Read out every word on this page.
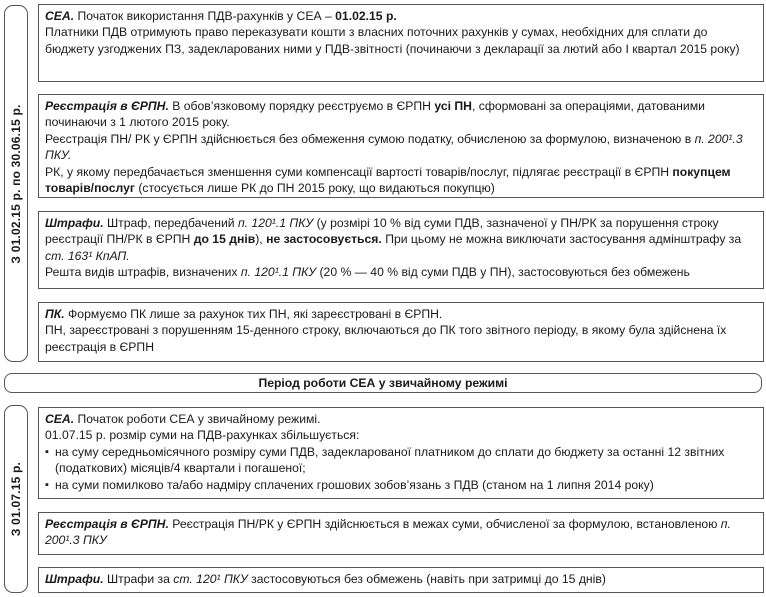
З 01.02.15 р. по 30.06.15 р.

СЕА. Початок використання ПДВ-рахунків у СЕА – 01.02.15 р.

Платники ПДВ отримують право переказувати кошти з власних поточних рахунків у сумах, необхідних для сплати до бюджету узгоджених ПЗ, задекларованих ними у ПДВ-звітності (починаючи з декларації за лютий або І квартал 2015 року)

Реєстрація в ЄРПН. В обов’язковому порядку реєструємо в ЄРПН усі ПН, сформовані за операціями, датованими починаючи з 1 лютого 2015 року.

Реєстрація ПН/ РК у ЄРПН здійснюється без обмеження сумою податку, обчисленою за формулою, визначеною в п. 200¹.3 ПКУ.

РК, у якому передбачається зменшення суми компенсації вартості товарів/послуг, підлягає реєстрації в ЄРПН покупцем товарів/послуг (стосується лише РК до ПН 2015 року, що видаються покупцю)

Штрафи. Штраф, передбачений п. 120¹.1 ПКУ (у розмірі 10 % від суми ПДВ, зазначеної у ПН/РК за порушення строку реєстрації ПН/РК в ЄРПН до 15 днів), не застосовується. При цьому не можна виключати застосування адмінштрафу за ст. 163¹ КпАП.

Решта видів штрафів, визначених п. 120¹.1 ПКУ (20 % — 40 % від суми ПДВ у ПН), застосовуються без обмежень

ПК. Формуємо ПК лише за рахунок тих ПН, які зареєстровані в ЄРПН.

ПН, зареєстровані з порушенням 15-денного строку, включаються до ПК того звітного періоду, в якому була здійснена їх реєстрація в ЄРПН

Період роботи СЕА у звичайному режимі
З 01.07.15 р.

СЕА. Початок роботи СЕА у звичайному режимі.

01.07.15 р. розмір суми на ПДВ-рахунках збільшується:

▪ на суму середньомісячного розміру суми ПДВ, задекларованої платником до сплати до бюджету за останні 12 звітних (податкових) місяців/4 квартали і погашеної;

▪ на суми помилково та/або надміру сплачених грошових зобов’язань з ПДВ (станом на 1 липня 2014 року)

Реєстрація в ЄРПН. Реєстрація ПН/РК у ЄРПН здійснюється в межах суми, обчисленої за формулою, встановленою п. 200¹.3 ПКУ

Штрафи. Штрафи за ст. 120¹ ПКУ застосовуються без обмежень (навіть при затримці до 15 днів)
